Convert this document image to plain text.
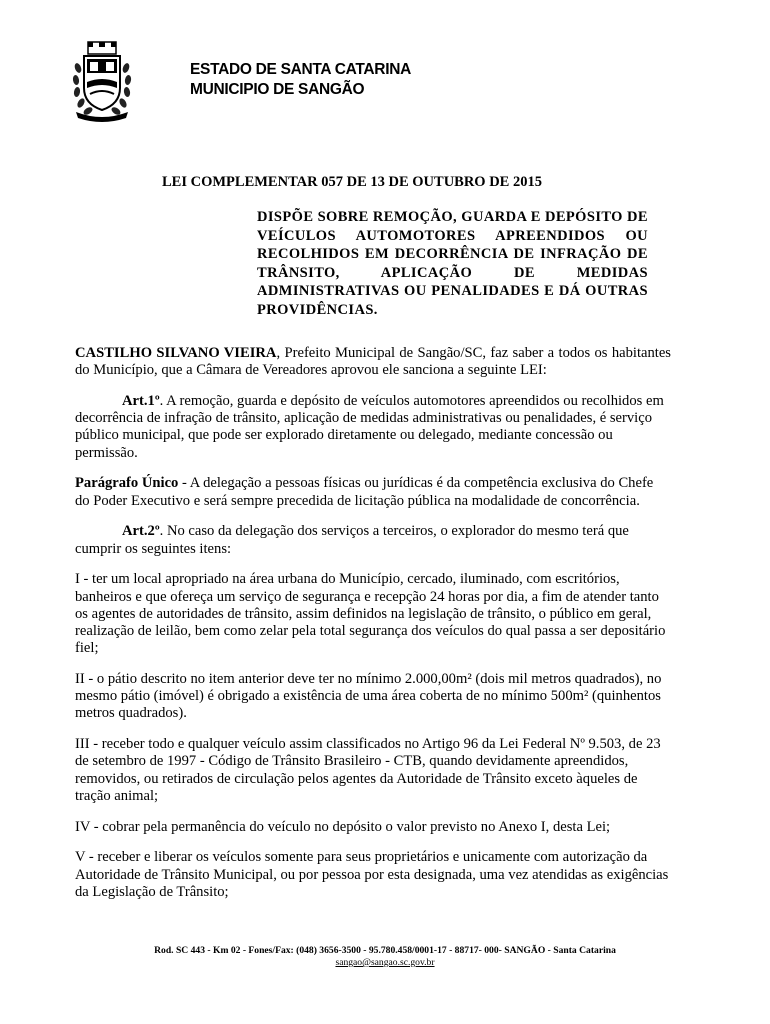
ESTADO DE SANTA CATARINA
MUNICIPIO DE SANGÃO
LEI COMPLEMENTAR 057 DE 13 DE OUTUBRO DE 2015
DISPÕE SOBRE REMOÇÃO, GUARDA E DEPÓSITO DE VEÍCULOS AUTOMOTORES APREENDIDOS OU RECOLHIDOS EM DECORRÊNCIA DE INFRAÇÃO DE TRÂNSITO, APLICAÇÃO DE MEDIDAS ADMINISTRATIVAS OU PENALIDADES E DÁ OUTRAS PROVIDÊNCIAS.

CASTILHO SILVANO VIEIRA, Prefeito Municipal de Sangão/SC, faz saber a todos os habitantes do Município, que a Câmara de Vereadores aprovou ele sanciona a seguinte LEI:

Art.1º. A remoção, guarda e depósito de veículos automotores apreendidos ou recolhidos em decorrência de infração de trânsito, aplicação de medidas administrativas ou penalidades, é serviço público municipal, que pode ser explorado diretamente ou delegado, mediante concessão ou permissão.

Parágrafo Único - A delegação a pessoas físicas ou jurídicas é da competência exclusiva do Chefe do Poder Executivo e será sempre precedida de licitação pública na modalidade de concorrência.

Art.2º. No caso da delegação dos serviços a terceiros, o explorador do mesmo terá que cumprir os seguintes itens:

I - ter um local apropriado na área urbana do Município, cercado, iluminado, com escritórios, banheiros e que ofereça um serviço de segurança e recepção 24 horas por dia, a fim de atender tanto os agentes de autoridades de trânsito, assim definidos na legislação de trânsito, o público em geral, realização de leilão, bem como zelar pela total segurança dos veículos do qual passa a ser depositário fiel;

II - o pátio descrito no item anterior deve ter no mínimo 2.000,00m² (dois mil metros quadrados), no mesmo pátio (imóvel) é obrigado a existência de uma área coberta de no mínimo 500m² (quinhentos metros quadrados).

III - receber todo e qualquer veículo assim classificados no Artigo 96 da Lei Federal Nº 9.503, de 23 de setembro de 1997 - Código de Trânsito Brasileiro - CTB, quando devidamente apreendidos, removidos, ou retirados de circulação pelos agentes da Autoridade de Trânsito exceto àqueles de tração animal;

IV - cobrar pela permanência do veículo no depósito o valor previsto no Anexo I, desta Lei;

V - receber e liberar os veículos somente para seus proprietários e unicamente com autorização da Autoridade de Trânsito Municipal, ou por pessoa por esta designada, uma vez atendidas as exigências da Legislação de Trânsito;

Rod. SC 443 - Km 02 - Fones/Fax: (048) 3656-3500 - 95.780.458/0001-17 - 88717- 000- SANGÃO - Santa Catarina
sangao@sangao.sc.gov.br
